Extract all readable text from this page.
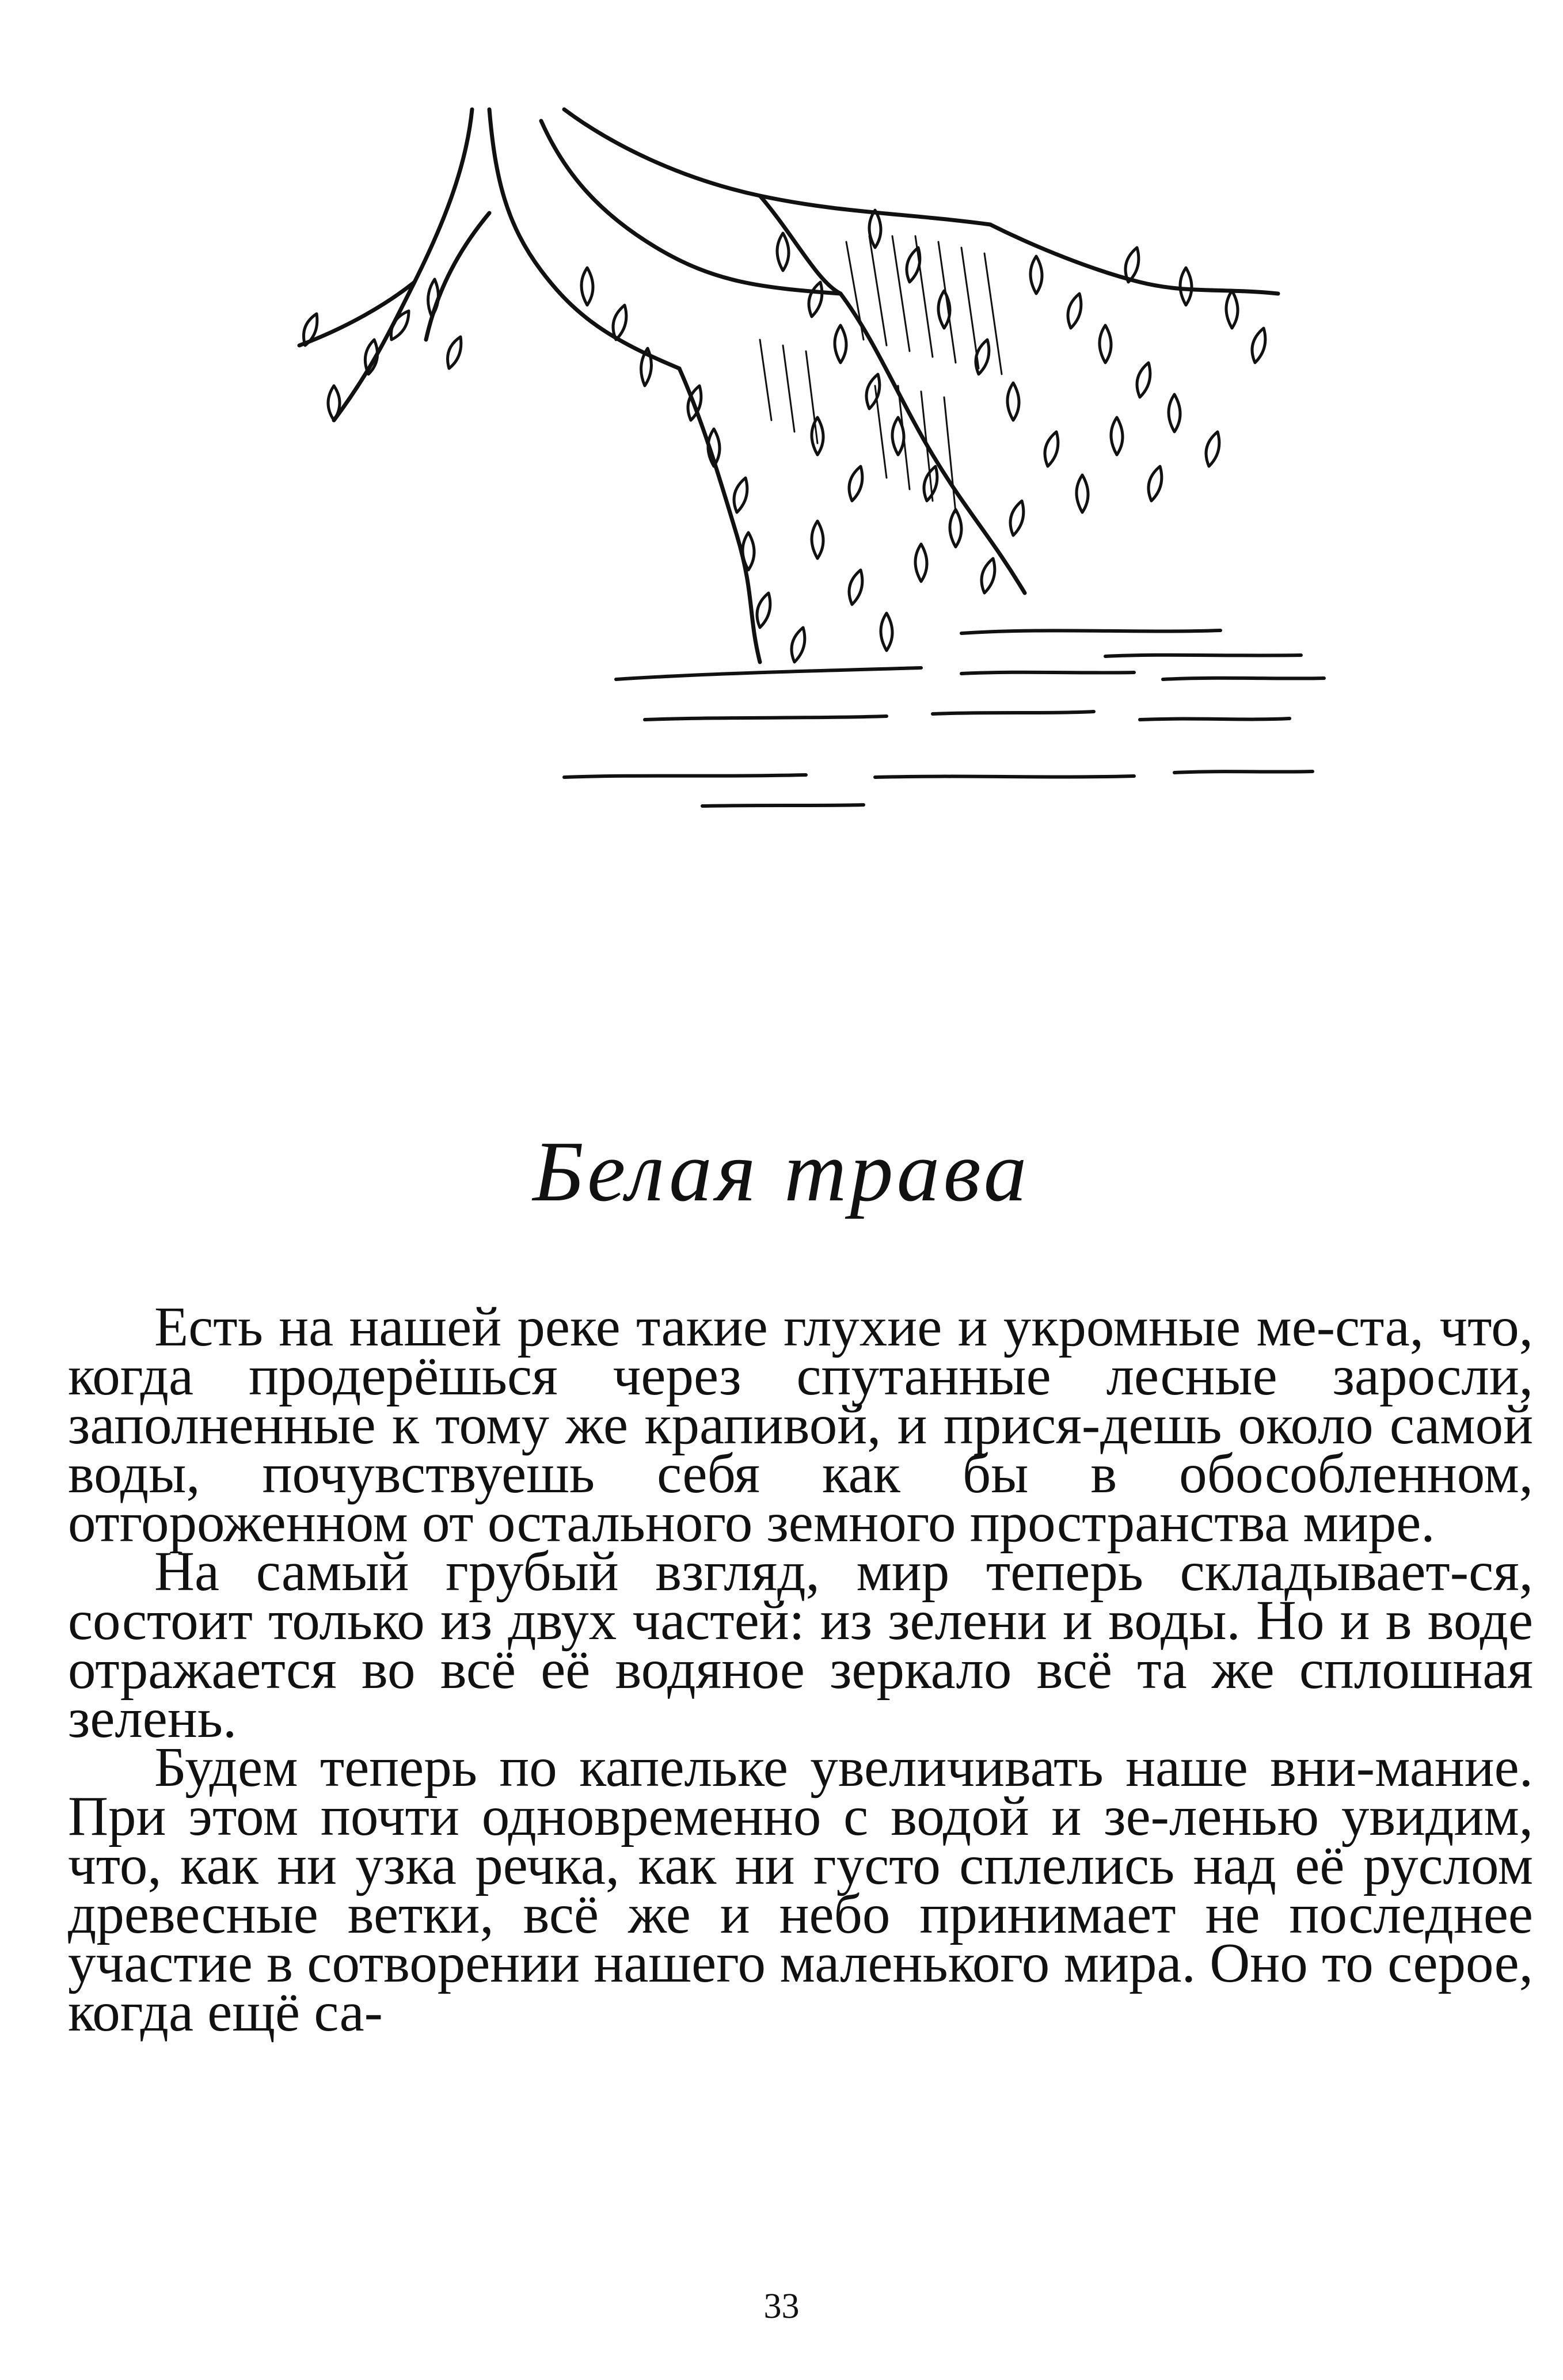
Белая трава

Есть на нашей реке такие глухие и укромные ме-ста, что, когда продерёшься через спутанные лесные заросли, заполненные к тому же крапивой, и прися-дешь около самой воды, почувствуешь себя как бы в обособленном, отгороженном от остального земного пространства мире.

На самый грубый взгляд, мир теперь складывает-ся, состоит только из двух частей: из зелени и воды. Но и в воде отражается во всё её водяное зеркало всё та же сплошная зелень.

Будем теперь по капельке увеличивать наше вни-мание. При этом почти одновременно с водой и зе-ленью увидим, что, как ни узка речка, как ни густо сплелись над её руслом древесные ветки, всё же и небо принимает не последнее участие в сотворении нашего маленького мира. Оно то серое, когда ещё са-

33
